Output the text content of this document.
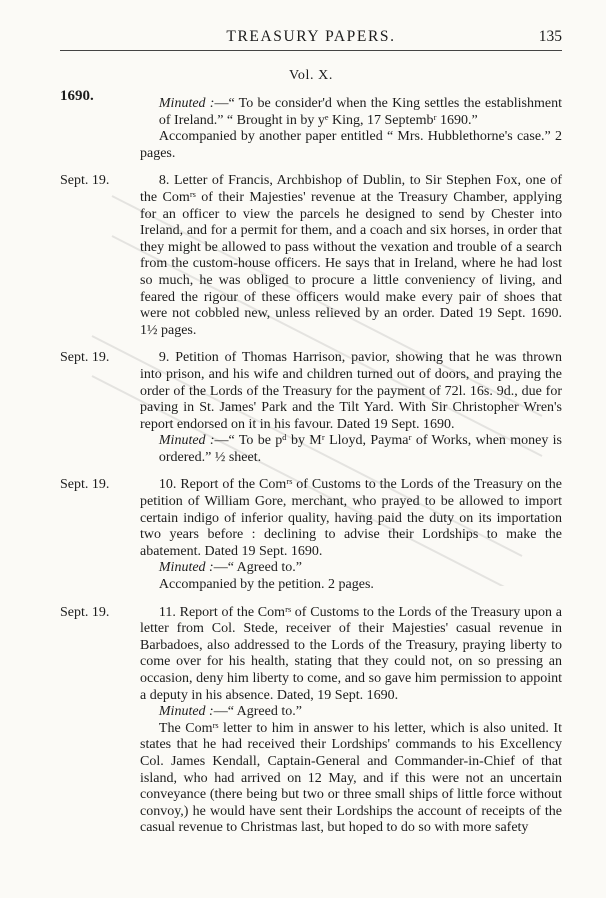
TREASURY PAPERS.	135
Vol. X.
1690.	Minuted :—“ To be consider'd when the King settles the establishment of Ireland.” “ Brought in by yᵉ King, 17 Septembʳ 1690.”

Accompanied by another paper entitled “ Mrs. Hubblethorne's case.” 2 pages.

Sept. 19.	8. Letter of Francis, Archbishop of Dublin, to Sir Stephen Fox, one of the Comʳˢ of their Majesties' revenue at the Treasury Chamber, applying for an officer to view the parcels he designed to send by Chester into Ireland, and for a permit for them, and a coach and six horses, in order that they might be allowed to pass without the vexation and trouble of a search from the custom-house officers. He says that in Ireland, where he had lost so much, he was obliged to procure a little conveniency of living, and feared the rigour of these officers would make every pair of shoes that were not cobbled new, unless relieved by an order. Dated 19 Sept. 1690. 1½ pages.

Sept. 19.	9. Petition of Thomas Harrison, pavior, showing that he was thrown into prison, and his wife and children turned out of doors, and praying the order of the Lords of the Treasury for the payment of 72l. 16s. 9d., due for paving in St. James' Park and the Tilt Yard. With Sir Christopher Wren's report endorsed on it in his favour. Dated 19 Sept. 1690.

Minuted :—“ To be pᵈ by Mʳ Lloyd, Paymaʳ of Works, when money is ordered.” ½ sheet.

Sept. 19.	10. Report of the Comʳˢ of Customs to the Lords of the Treasury on the petition of William Gore, merchant, who prayed to be allowed to import certain indigo of inferior quality, having paid the duty on its importation two years before : declining to advise their Lordships to make the abatement. Dated 19 Sept. 1690.

Minuted :—“ Agreed to.”

Accompanied by the petition. 2 pages.

Sept. 19.	11. Report of the Comʳˢ of Customs to the Lords of the Treasury upon a letter from Col. Stede, receiver of their Majesties' casual revenue in Barbadoes, also addressed to the Lords of the Treasury, praying liberty to come over for his health, stating that they could not, on so pressing an occasion, deny him liberty to come, and so gave him permission to appoint a deputy in his absence. Dated, 19 Sept. 1690.

Minuted :—“ Agreed to.”

The Comʳˢ letter to him in answer to his letter, which is also united. It states that he had received their Lordships' commands to his Excellency Col. James Kendall, Captain-General and Commander-in-Chief of that island, who had arrived on 12 May, and if this were not an uncertain conveyance (there being but two or three small ships of little force without convoy,) he would have sent their Lordships the account of receipts of the casual revenue to Christmas last, but hoped to do so with more safety
